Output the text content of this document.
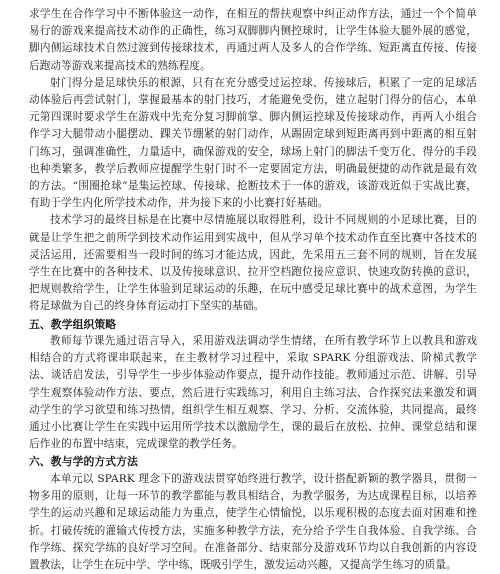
求学生在合作学习中不断体验这一动作，在相互的帮扶观察中纠正动作方法，通过一个个简单易行的游戏来提高技术动作的正确性，练习双脚脚内侧控球时，让学生体验大腿外展的感觉，脚内侧运球技术自然过渡到传接球技术，再通过两人及多人的合作学练、短距离直传接、传接后跑动等游戏来提高技术的熟练程度。

射门得分是足球快乐的根源，只有在充分感受过运控球、传接球后，积累了一定的足球活动体验后再尝试射门，掌握最基本的射门技巧，才能避免受伤，建立起射门得分的信心，本单元第四课时要求学生在游戏中先充分复习脚前掌、脚内侧运控球及传接球动作，再两人小组合作学习大腿带动小腿摆动、踝关节绷紧的射门动作，从踢固定球到短距离再到中距离的相互射门练习，强调准确性，力量适中，确保游戏的安全，球场上射门的脚法千变万化、得分的手段也种类繁多，教学后教师应提醒学生射门时不一定要固定方法，明确最便捷的动作就是最有效的方法。“围圈抢球”是集运控球、传接球、抢断技术于一体的游戏，该游戏近似于实战比赛，有助于学生内化所学技术动作，并为接下来的小比赛打好基础。

技术学习的最终目标是在比赛中尽情施展以取得胜利，设计不同规则的小足球比赛，目的就是让学生把之前所学到技术动作运用到实战中，但从学习单个技术动作直至比赛中各技术的灵活运用，还需要相当一段时间的练习才能达成，因此，先采用五三套不同的规则，旨在发展学生在比赛中的各种技术、以及传接球意识、拉开空档跑位接应意识、快速攻防转换的意识，把规则教给学生，让学生体验到足球运动的乐趣，在玩中感受足球比赛中的战术意图，为学生将足球做为自己的终身体育运动打下坚实的基础。

五、教学组织策略

教师每节课先通过语言导入，采用游戏法调动学生情绪，在所有教学环节上以教具和游戏相结合的方式将课串联起来，在主教材学习过程中，采取 SPARK 分组游戏法、阶梯式教学法、谈话启发法，引导学生一步步体验动作要点，提升动作技能。教师通过示范、讲解、引导学生观察体验动作方法、要点，然后进行实践练习，利用自主练习法、合作探究法来激发和调动学生的学习欲望和练习热情，组织学生相互观察、学习、分析、交流体验，共同提高，最终通过小比赛让学生在实践中运用所学技术以激励学生，课的最后在放松、拉伸、课堂总结和课后作业的布置中结束，完成课堂的教学任务。

六、教与学的方式方法

本单元以 SPARK 理念下的游戏法贯穿始终进行教学，设计搭配新颖的教学器具，贯彻一物多用的原则，让每一环节的教学都能与教具相结合，为教学服务，为达成课程目标，以培养学生的运动兴趣和足球运动能力为重点，使学生心情愉悦，以乐观积极的态度去面对困难和挫折。打破传统的灌输式传授方法，实施多种教学方法，充分给予学生自我体验、自我学练、合作学练、探究学练的良好学习空间。在准备部分、结束部分及游戏环节均以自我创新的内容设置教法，让学生在玩中学、学中练，既吸引学生，激发运动兴趣，又提高学生练习的质量。
